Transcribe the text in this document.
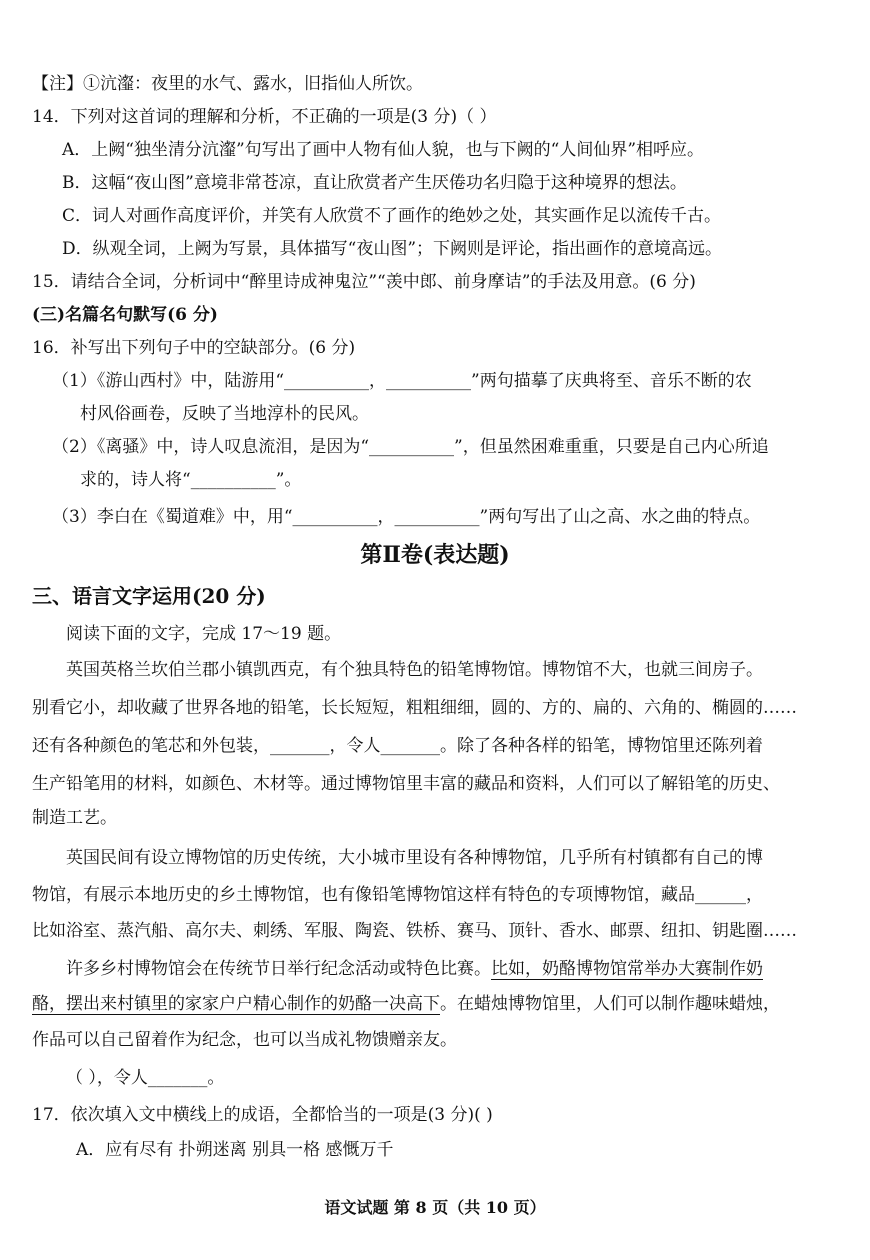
【注】①沆瀣：夜里的水气、露水，旧指仙人所饮。
14．下列对这首词的理解和分析，不正确的一项是(3 分)（ ）
A．上阙“独坐清分沆瀣”句写出了画中人物有仙人貌，也与下阙的“人间仙界”相呼应。
B．这幅“夜山图”意境非常苍凉，直让欣赏者产生厌倦功名归隐于这种境界的想法。
C．词人对画作高度评价，并笑有人欣赏不了画作的绝妙之处，其实画作足以流传千古。
D．纵观全词，上阙为写景，具体描写“夜山图”；下阙则是评论，指出画作的意境高远。
15．请结合全词，分析词中“醉里诗成神鬼泣”“羡中郎、前身摩诘”的手法及用意。(6 分)
(三)名篇名句默写(6 分)
16．补写出下列句子中的空缺部分。(6 分)
（1）《游山西村》中，陆游用“__________，__________”两句描摹了庆典将至、音乐不断的农
村风俗画卷，反映了当地淳朴的民风。
（2）《离骚》中，诗人叹息流泪，是因为“__________”，但虽然困难重重，只要是自己内心所追
求的，诗人将“__________”。
（3）李白在《蜀道难》中，用“__________，__________”两句写出了山之高、水之曲的特点。
第Ⅱ卷(表达题)
三、语言文字运用(20 分)
阅读下面的文字，完成 17～19 题。
英国英格兰坎伯兰郡小镇凯西克，有个独具特色的铅笔博物馆。博物馆不大，也就三间房子。
别看它小，却收藏了世界各地的铅笔，长长短短，粗粗细细，圆的、方的、扁的、六角的、椭圆的……
还有各种颜色的笔芯和外包装，_______，令人_______。除了各种各样的铅笔，博物馆里还陈列着
生产铅笔用的材料，如颜色、木材等。通过博物馆里丰富的藏品和资料，人们可以了解铅笔的历史、
制造工艺。
英国民间有设立博物馆的历史传统，大小城市里设有各种博物馆，几乎所有村镇都有自己的博
物馆，有展示本地历史的乡土博物馆，也有像铅笔博物馆这样有特色的专项博物馆，藏品______，
比如浴室、蒸汽船、高尔夫、刺绣、军服、陶瓷、铁桥、赛马、顶针、香水、邮票、纽扣、钥匙圈……
许多乡村博物馆会在传统节日举行纪念活动或特色比赛。比如，奶酪博物馆常举办大赛制作奶
酪，摆出来村镇里的家家户户精心制作的奶酪一决高下。在蜡烛博物馆里，人们可以制作趣味蜡烛，
作品可以自己留着作为纪念，也可以当成礼物馈赠亲友。
（ ），令人_______。
17．依次填入文中横线上的成语，全都恰当的一项是(3 分)( )
A．应有尽有 扑朔迷离 别具一格 感慨万千
语文试题 第 8 页（共 10 页）
